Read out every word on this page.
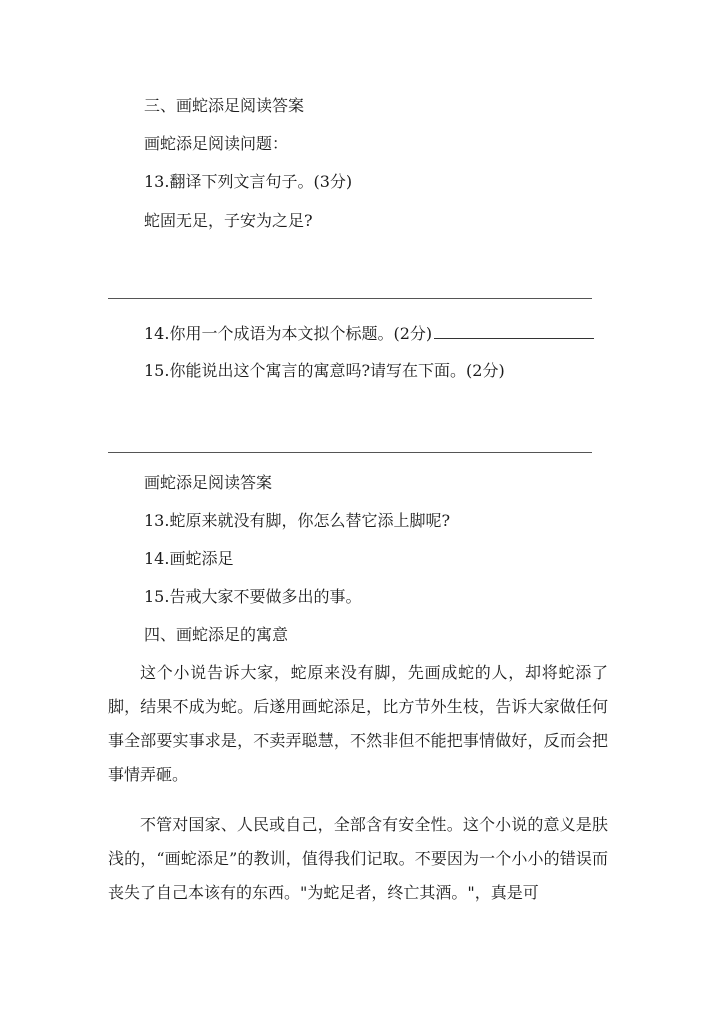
三、画蛇添足阅读答案
画蛇添足阅读问题：
13.翻译下列文言句子。(3分)
蛇固无足，子安为之足?
14.你用一个成语为本文拟个标题。(2分)
15.你能说出这个寓言的寓意吗?请写在下面。(2分)
画蛇添足阅读答案
13.蛇原来就没有脚，你怎么替它添上脚呢?
14.画蛇添足
15.告戒大家不要做多出的事。
四、画蛇添足的寓意
这个小说告诉大家，蛇原来没有脚，先画成蛇的人，却将蛇添了脚，结果不成为蛇。后遂用画蛇添足，比方节外生枝，告诉大家做任何事全部要实事求是，不卖弄聪慧，不然非但不能把事情做好，反而会把事情弄砸。
不管对国家、人民或自己，全部含有安全性。这个小说的意义是肤浅的，“画蛇添足”的教训，值得我们记取。不要因为一个小小的错误而丧失了自己本该有的东西。"为蛇足者，终亡其酒。"，真是可
